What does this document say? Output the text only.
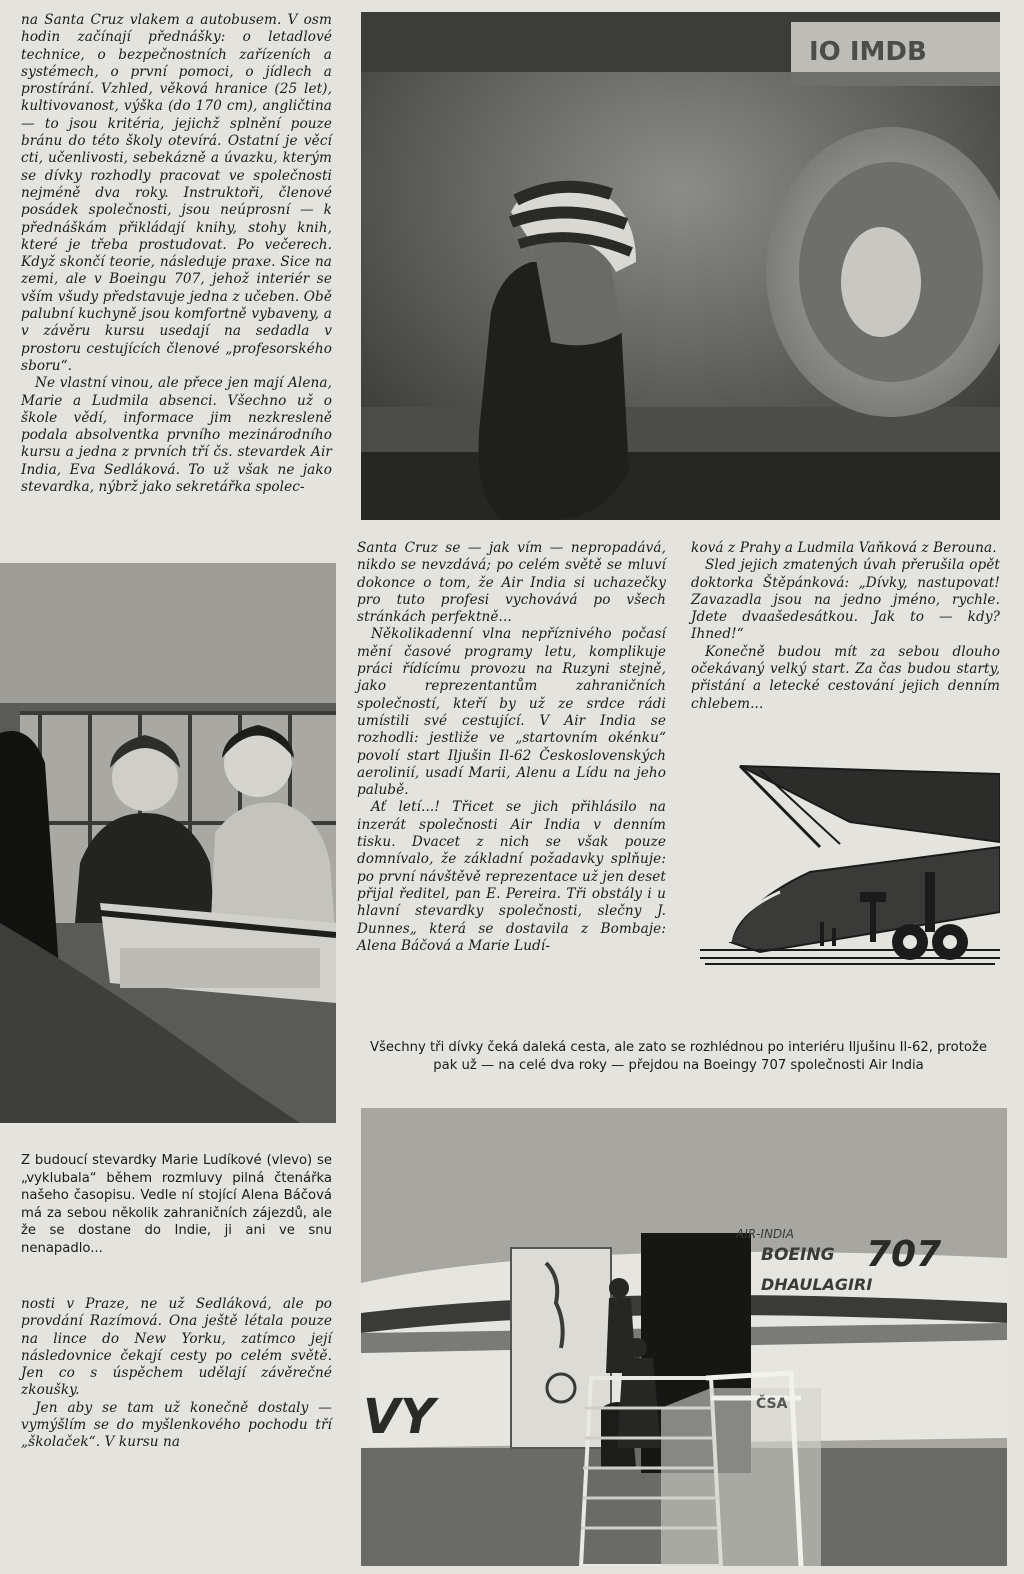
na Santa Cruz vlakem a autobusem. V osm hodin začínají přednášky: o letadlové technice, o bezpečnostních zařízeních a systémech, o první pomoci, o jídlech a prostírání. Vzhled, věková hranice (25 let), kultivovanost, výška (do 170 cm), angličtina — to jsou kritéria, jejichž splnění pouze bránu do této školy otevírá. Ostatní je věcí cti, učenlivosti, sebekázně a úvazku, kterým se dívky rozhodly pracovat ve společnosti nejméně dva roky. Instruktoři, členové posádek společnosti, jsou neúprosní — k přednáškám přikládají knihy, stohy knih, které je třeba prostudovat. Po večerech. Když skončí teorie, následuje praxe. Sice na zemi, ale v Boeingu 707, jehož interiér se vším všudy představuje jedna z učeben. Obě palubní kuchyně jsou komfortně vybaveny, a v závěru kursu usedají na sedadla v prostoru cestujících členové „profesorského sboru“.

Ne vlastní vinou, ale přece jen mají Alena, Marie a Ludmila absenci. Všechno už o škole vědí, informace jim nezkresleně podala absolventka prvního mezinárodního kursu a jedna z prvních tří čs. stevardek Air India, Eva Sedláková. To už však ne jako stevardka, nýbrž jako sekretářka spolec-

IO IMDB

Santa Cruz se — jak vím — nepropadává, nikdo se nevzdává; po celém světě se mluví dokonce o tom, že Air India si uchazečky pro tuto profesi vychovává po všech stránkách perfektně...

Několikadenní vlna nepříznivého počasí mění časové programy letu, komplikuje práci řídícímu provozu na Ruzyni stejně, jako reprezentantům zahraničních společností, kteří by už ze srdce rádi umístili své cestující. V Air India se rozhodli: jestliže ve „startovním okénku“ povolí start Iljušin Il-62 Československých aerolinií, usadí Marii, Alenu a Lídu na jeho palubě.

Ať letí...! Třicet se jich přihlásilo na inzerát společnosti Air India v denním tisku. Dvacet z nich se však pouze domnívalo, že základní požadavky splňuje: po první návštěvě reprezentace už jen deset přijal ředitel, pan E. Pereira. Tři obstály i u hlavní stevardky společnosti, slečny J. Dunnes„ která se dostavila z Bombaje: Alena Báčová a Marie Ludí-

ková z Prahy a Ludmila Vaňková z Berouna.

Sled jejich zmatených úvah přerušila opět doktorka Štěpánková: „Dívky, nastupovat! Zavazadla jsou na jedno jméno, rychle. Jdete dvaašedesátkou. Jak to — kdy? Ihned!“

Konečně budou mít za sebou dlouho očekávaný velký start. Za čas budou starty, přistání a letecké cestování jejich denním chlebem...

Všechny tři dívky čeká daleká cesta, ale zato se rozhlédnou po interiéru Iljušinu Il-62, protože pak už — na celé dva roky — přejdou na Boeingy 707 společnosti Air India
Z budoucí stevardky Marie Ludíkové (vlevo) se „vyklubala“ během rozmluvy pilná čtenářka našeho časopisu. Vedle ní stojící Alena Báčová má za sebou několik zahraničních zájezdů, ale že se dostane do Indie, ji ani ve snu nenapadlo...

nosti v Praze, ne už Sedláková, ale po provdání Razímová. Ona ještě létala pouze na lince do New Yorku, zatímco její následovnice čekají cesty po celém světě. Jen co s úspěchem udělají závěrečné zkoušky.

Jen aby se tam už konečně dostaly — vymýšlím se do myšlenkového pochodu tří „školaček“. V kursu na

AIR-INDIA
BOEING 707
DHAULAGIRI
VY	ČSA
